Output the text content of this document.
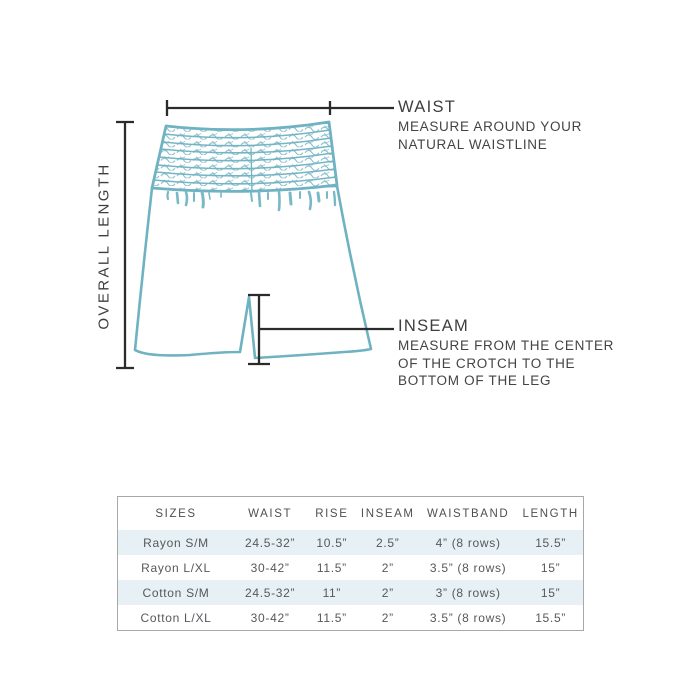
OVERALL LENGTH
WAIST
MEASURE AROUND YOUR
NATURAL WAISTLINE
INSEAM
MEASURE FROM THE CENTER
OF THE CROTCH TO THE
BOTTOM OF THE LEG
SIZES	WAIST	RISE	INSEAM	WAISTBAND	LENGTH
Rayon S/M	24.5-32”	10.5”	2.5”	4” (8 rows)	15.5”
Rayon L/XL	30-42”	11.5”	2”	3.5” (8 rows)	15”
Cotton S/M	24.5-32”	11”	2”	3” (8 rows)	15”
Cotton L/XL	30-42”	11.5”	2”	3.5” (8 rows)	15.5”
